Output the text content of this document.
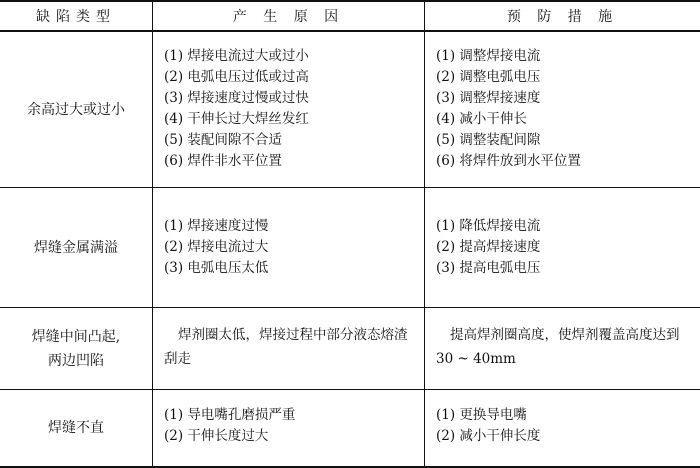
缺陷类型	产 生 原 因	预 防 措 施
余高过大或过小
(1) 焊接电流过大或过小
(2) 电弧电压过低或过高
(3) 焊接速度过慢或过快
(4) 干伸长过大焊丝发红
(5) 装配间隙不合适
(6) 焊件非水平位置
(1) 调整焊接电流
(2) 调整电弧电压
(3) 调整焊接速度
(4) 减小干伸长
(5) 调整装配间隙
(6) 将焊件放到水平位置
焊缝金属满溢
(1) 焊接速度过慢
(2) 焊接电流过大
(3) 电弧电压太低
(1) 降低焊接电流
(2) 提高焊接速度
(3) 提高电弧电压
焊缝中间凸起,
两边凹陷
焊剂圈太低，焊接过程中部分液态熔渣刮走
提高焊剂圈高度，使焊剂覆盖高度达到30 ~ 40mm
焊缝不直
(1) 导电嘴孔磨损严重
(2) 干伸长度过大
(1) 更换导电嘴
(2) 减小干伸长度
